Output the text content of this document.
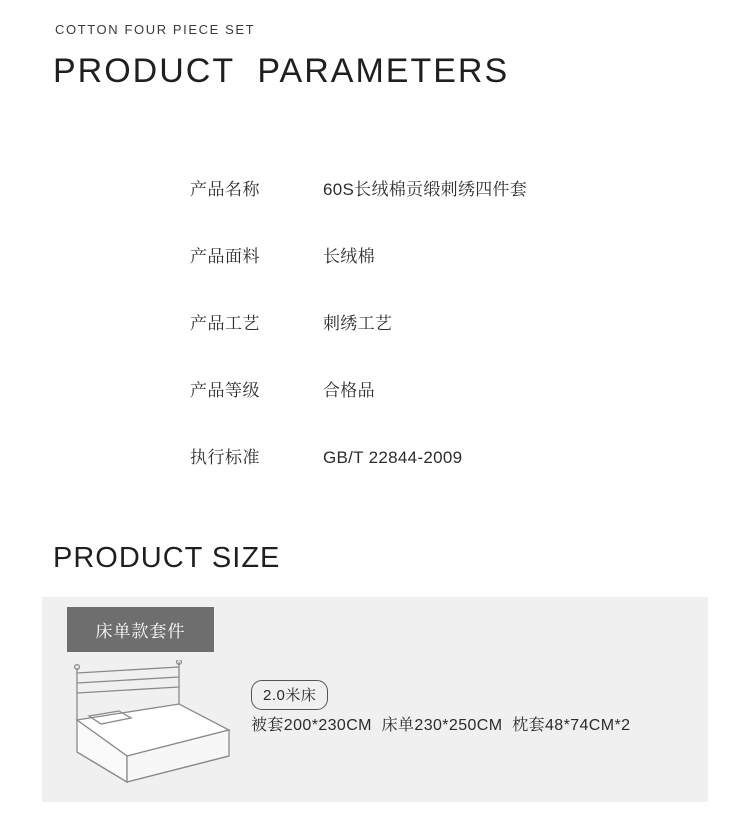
COTTON FOUR PIECE SET
PRODUCT  PARAMETERS
产品名称	60S长绒棉贡缎刺绣四件套
产品面料	长绒棉
产品工艺	刺绣工艺
产品等级	合格品
执行标准	GB/T 22844-2009
PRODUCT SIZE
床单款套件
2.0米床
被套200*230CM  床单230*250CM  枕套48*74CM*2
